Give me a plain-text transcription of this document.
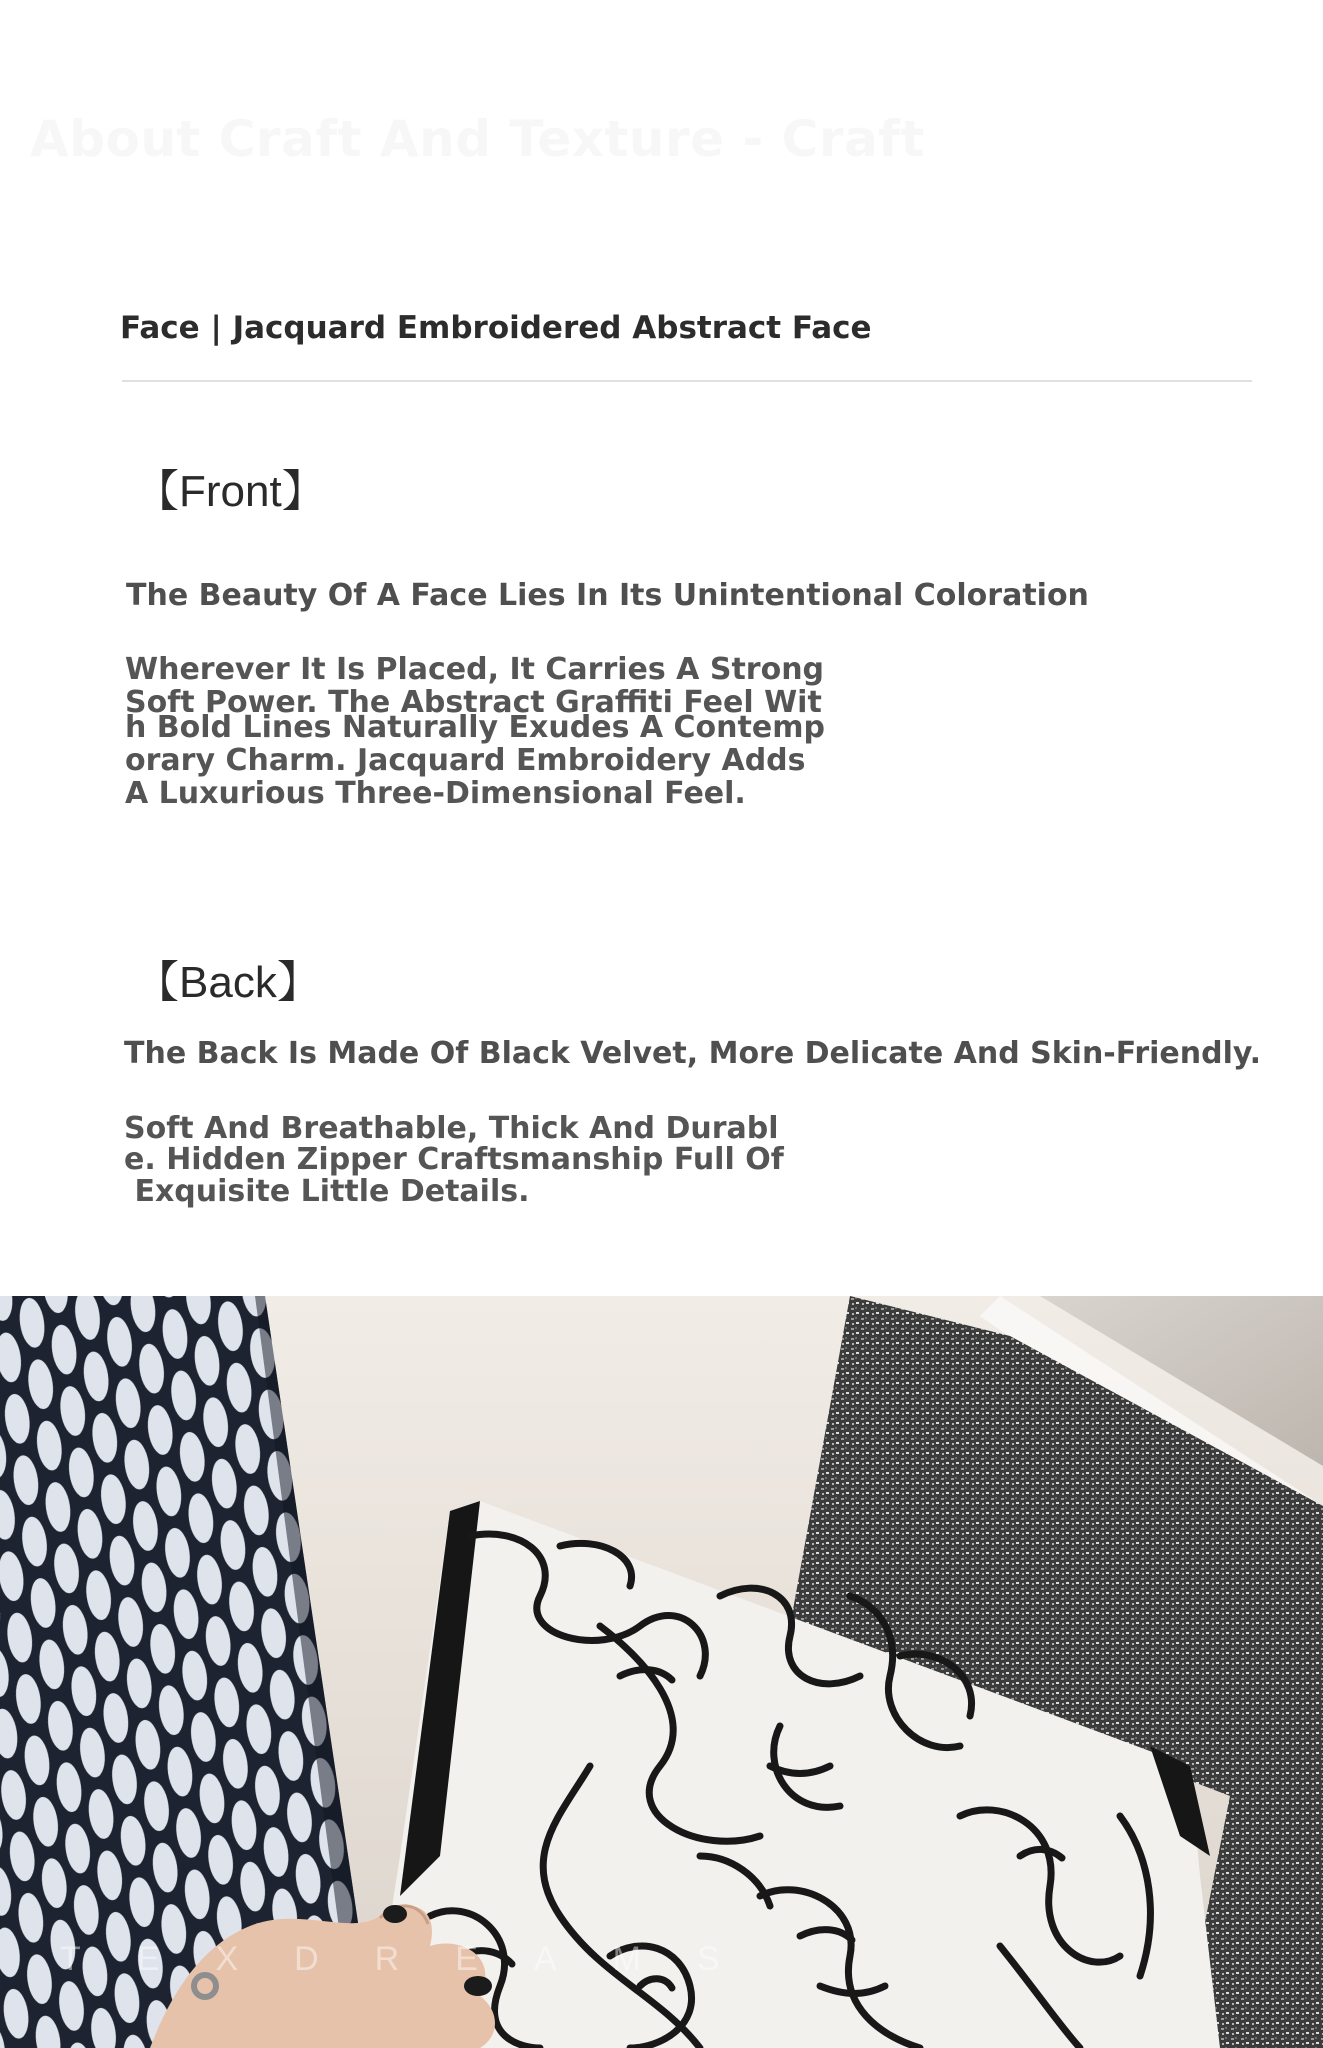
About Craft And Texture - Craft
Face | Jacquard Embroidered Abstract Face
【Front】
The Beauty Of A Face Lies In Its Unintentional Coloration
Wherever It Is Placed, It Carries A Strong
Soft Power. The Abstract Graffiti Feel Wit
h Bold Lines Naturally Exudes A Contemp
orary Charm. Jacquard Embroidery Adds
A Luxurious Three-Dimensional Feel.
【Back】
The Back Is Made Of Black Velvet, More Delicate And Skin-Friendly.
Soft And Breathable, Thick And Durabl
e. Hidden Zipper Craftsmanship Full Of
Exquisite Little Details.
TEXDREAMS
